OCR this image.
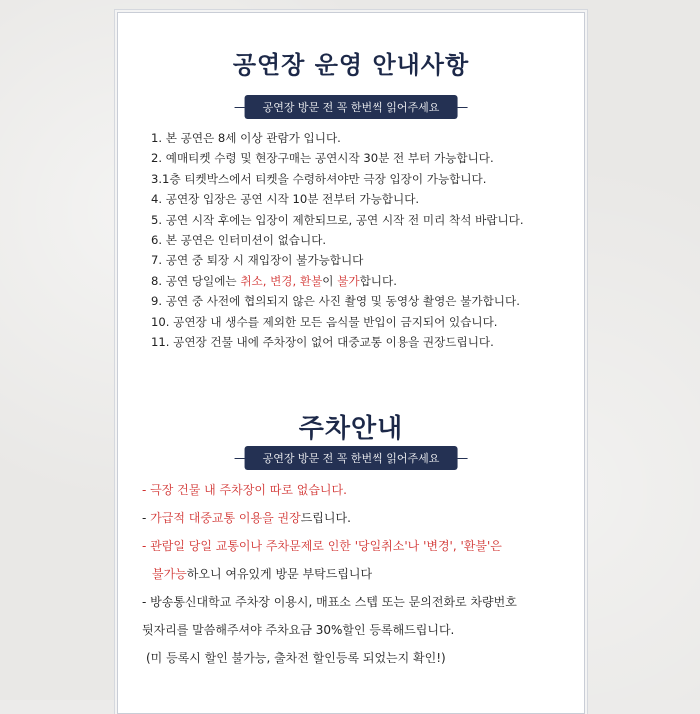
공연장 운영 안내사항
공연장 방문 전 꼭 한번씩 읽어주세요
1. 본 공연은 8세 이상 관람가 입니다.
2. 예매티켓 수령 및 현장구매는 공연시작 30분 전 부터 가능합니다.
3.1층 티켓박스에서 티켓을 수령하셔야만 극장 입장이 가능합니다.
4. 공연장 입장은 공연 시작 10분 전부터 가능합니다.
5. 공연 시작 후에는 입장이 제한되므로, 공연 시작 전 미리 착석 바랍니다.
6. 본 공연은 인터미션이 없습니다.
7. 공연 중 퇴장 시 재입장이 불가능합니다
8. 공연 당일에는 취소, 변경, 환불이 불가합니다.
9. 공연 중 사전에 협의되지 않은 사진 촬영 및 동영상 촬영은 불가합니다.
10. 공연장 내 생수를 제외한 모든 음식물 반입이 금지되어 있습니다.
11. 공연장 건물 내에 주차장이 없어 대중교통 이용을 권장드립니다.
주차안내
공연장 방문 전 꼭 한번씩 읽어주세요
- 극장 건물 내 주차장이 따로 없습니다.
- 가급적 대중교통 이용을 권장드립니다.
- 관람일 당일 교통이나 주차문제로 인한 '당일취소'나 '변경', '환불'은
불가능하오니 여유있게 방문 부탁드립니다
- 방송통신대학교 주차장 이용시, 매표소 스텝 또는 문의전화로 차량번호
뒷자리를 말씀해주셔야 주차요금 30%할인 등록해드립니다.
(미 등록시 할인 불가능, 출차전 할인등록 되었는지 확인!)
